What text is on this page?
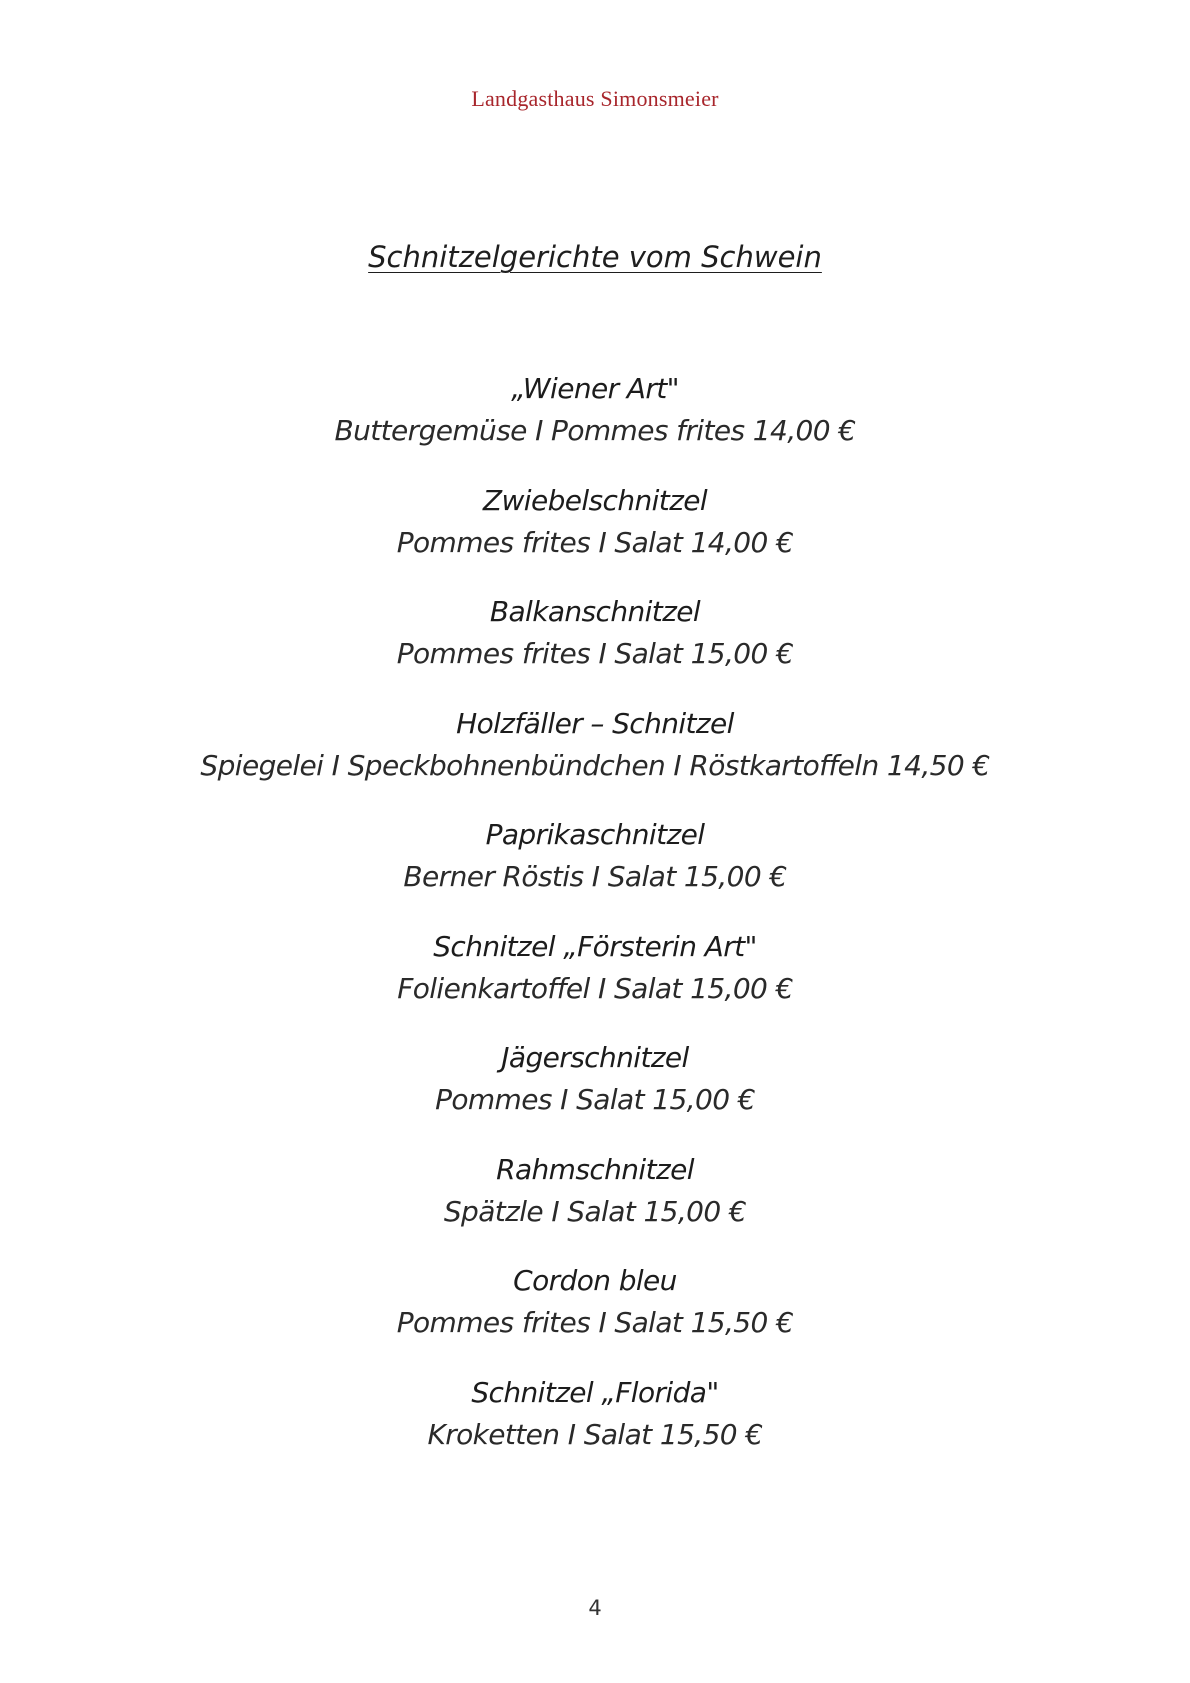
Landgasthaus Simonsmeier
Schnitzelgerichte vom Schwein
„Wiener Art"
Buttergemüse I Pommes frites 14,00 €
Zwiebelschnitzel
Pommes frites I Salat 14,00 €
Balkanschnitzel
Pommes frites I Salat 15,00 €
Holzfäller – Schnitzel
Spiegelei I Speckbohnenbündchen I Röstkartoffeln 14,50 €
Paprikaschnitzel
Berner Röstis I Salat 15,00 €
Schnitzel „Försterin Art"
Folienkartoffel I Salat 15,00 €
Jägerschnitzel
Pommes I Salat 15,00 €
Rahmschnitzel
Spätzle I Salat 15,00 €
Cordon bleu
Pommes frites I Salat 15,50 €
Schnitzel „Florida"
Kroketten I Salat 15,50 €
4
